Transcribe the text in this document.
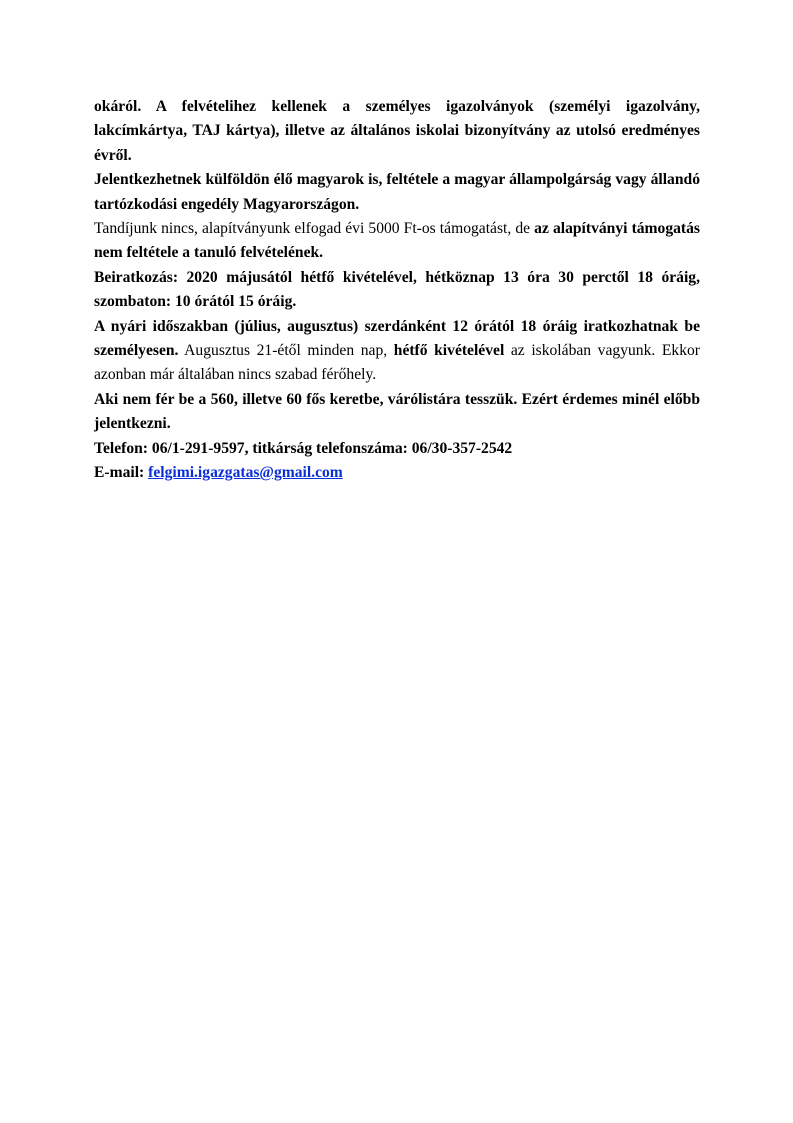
okáról. A felvételihez kellenek a személyes igazolványok (személyi igazolvány, lakcímkártya, TAJ kártya), illetve az általános iskolai bizonyítvány az utolsó eredményes évről.

Jelentkezhetnek külföldön élő magyarok is, feltétele a magyar állampolgárság vagy állandó tartózkodási engedély Magyarországon.

Tandíjunk nincs, alapítványunk elfogad évi 5000 Ft-os támogatást, de az alapítványi támogatás nem feltétele a tanuló felvételének.

Beiratkozás: 2020 májusától hétfő kivételével, hétköznap 13 óra 30 perctől 18 óráig, szombaton: 10 órától 15 óráig.

A nyári időszakban (július, augusztus) szerdánként 12 órától 18 óráig iratkozhatnak be személyesen. Augusztus 21-étől minden nap, hétfő kivételével az iskolában vagyunk. Ekkor azonban már általában nincs szabad férőhely.

Aki nem fér be a 560, illetve 60 fős keretbe, várólistára tesszük. Ezért érdemes minél előbb jelentkezni.

Telefon: 06/1-291-9597, titkárság telefonszáma: 06/30-357-2542

E-mail: felgimi.igazgatas@gmail.com
